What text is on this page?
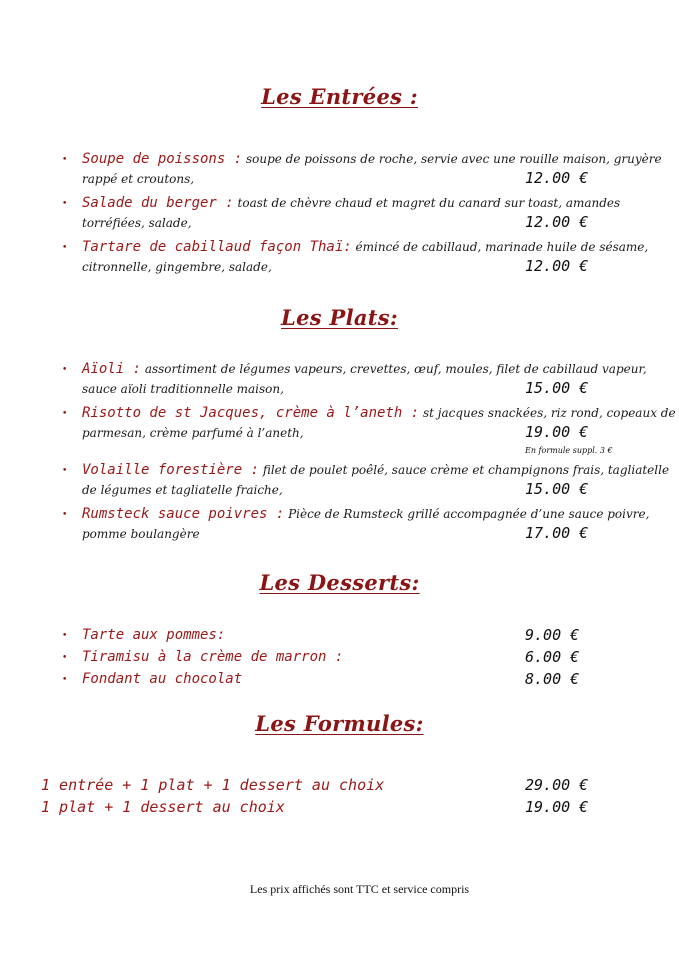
Les Entrées :
• Soupe de poissons : soupe de poissons de roche, servie avec une rouille maison, gruyère
rappé et croutons,	12.00 €
• Salade du berger : toast de chèvre chaud et magret du canard sur toast, amandes
torréfiées, salade,	12.00 €
• Tartare de cabillaud façon Thaï: émincé de cabillaud, marinade huile de sésame,
citronnelle, gingembre, salade,	12.00 €
Les Plats:
• Aïoli : assortiment de légumes vapeurs, crevettes, œuf, moules, filet de cabillaud vapeur,
sauce aïoli traditionnelle maison,	15.00 €
• Risotto de st Jacques, crème à l’aneth : st jacques snackées, riz rond, copeaux de
parmesan, crème parfumé à l’aneth,	19.00 €
En formule suppl. 3 €
• Volaille forestière : filet de poulet poêlé, sauce crème et champignons frais, tagliatelle
de légumes et tagliatelle fraiche,	15.00 €
• Rumsteck sauce poivres : Pièce de Rumsteck grillé accompagnée d’une sauce poivre,
pomme boulangère	17.00 €
Les Desserts:
• Tarte aux pommes:	9.00 €
• Tiramisu à la crème de marron :	6.00 €
• Fondant au chocolat	8.00 €
Les Formules:
1 entrée + 1 plat + 1 dessert au choix	29.00 €
1 plat + 1 dessert au choix	19.00 €
Les prix affichés sont TTC et service compris
